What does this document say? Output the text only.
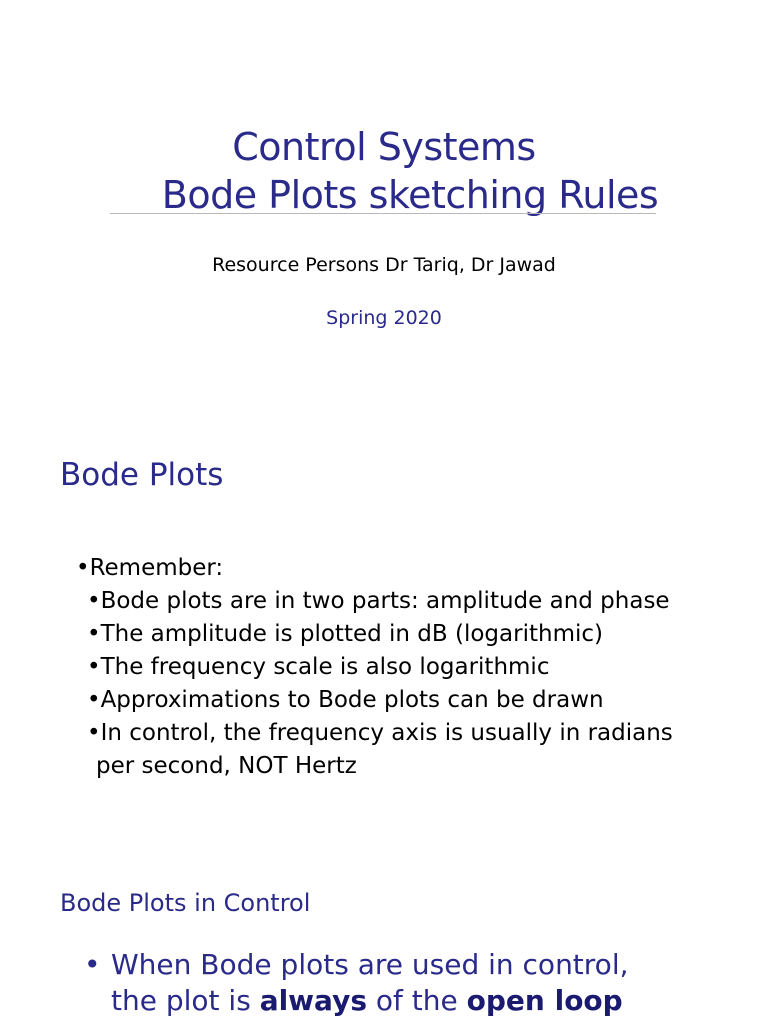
Control Systems
Bode Plots sketching Rules
Resource Persons Dr Tariq, Dr Jawad
Spring 2020
Bode Plots
•Remember:
•Bode plots are in two parts: amplitude and phase
•The amplitude is plotted in dB (logarithmic)
•The frequency scale is also logarithmic
•Approximations to Bode plots can be drawn
•In control, the frequency axis is usually in radians
per second, NOT Hertz
Bode Plots in Control
• When Bode plots are used in control,
the plot is always of the open loop
